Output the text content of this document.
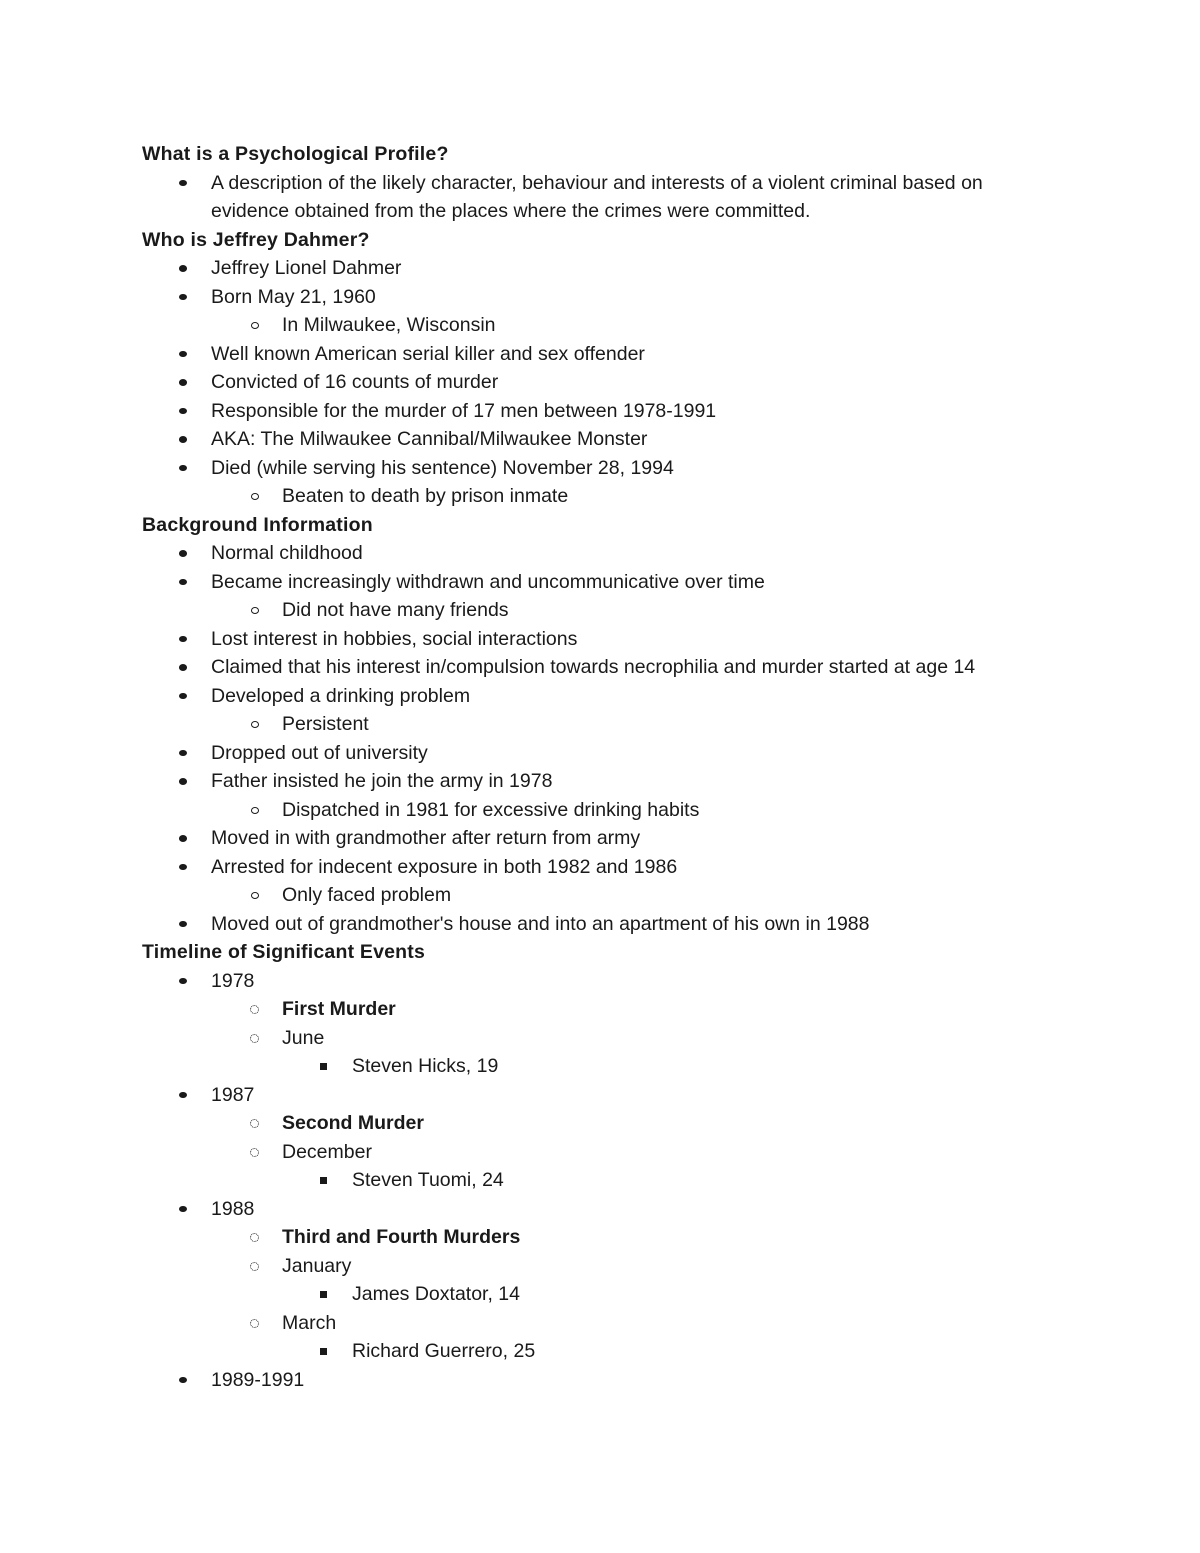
What is a Psychological Profile?
A description of the likely character, behaviour and interests of a violent criminal based on evidence obtained from the places where the crimes were committed.
Who is Jeffrey Dahmer?
Jeffrey Lionel Dahmer
Born May 21, 1960
In Milwaukee, Wisconsin
Well known American serial killer and sex offender
Convicted of 16 counts of murder
Responsible for the murder of 17 men between 1978-1991
AKA: The Milwaukee Cannibal/Milwaukee Monster
Died (while serving his sentence) November 28, 1994
Beaten to death by prison inmate
Background Information
Normal childhood
Became increasingly withdrawn and uncommunicative over time
Did not have many friends
Lost interest in hobbies, social interactions
Claimed that his interest in/compulsion towards necrophilia and murder started at age 14
Developed a drinking problem
Persistent
Dropped out of university
Father insisted he join the army in 1978
Dispatched in 1981 for excessive drinking habits
Moved in with grandmother after return from army
Arrested for indecent exposure in both 1982 and 1986
Only faced problem
Moved out of grandmother's house and into an apartment of his own in 1988
Timeline of Significant Events
1978
First Murder
June
Steven Hicks, 19
1987
Second Murder
December
Steven Tuomi, 24
1988
Third and Fourth Murders
January
James Doxtator, 14
March
Richard Guerrero, 25
1989-1991
